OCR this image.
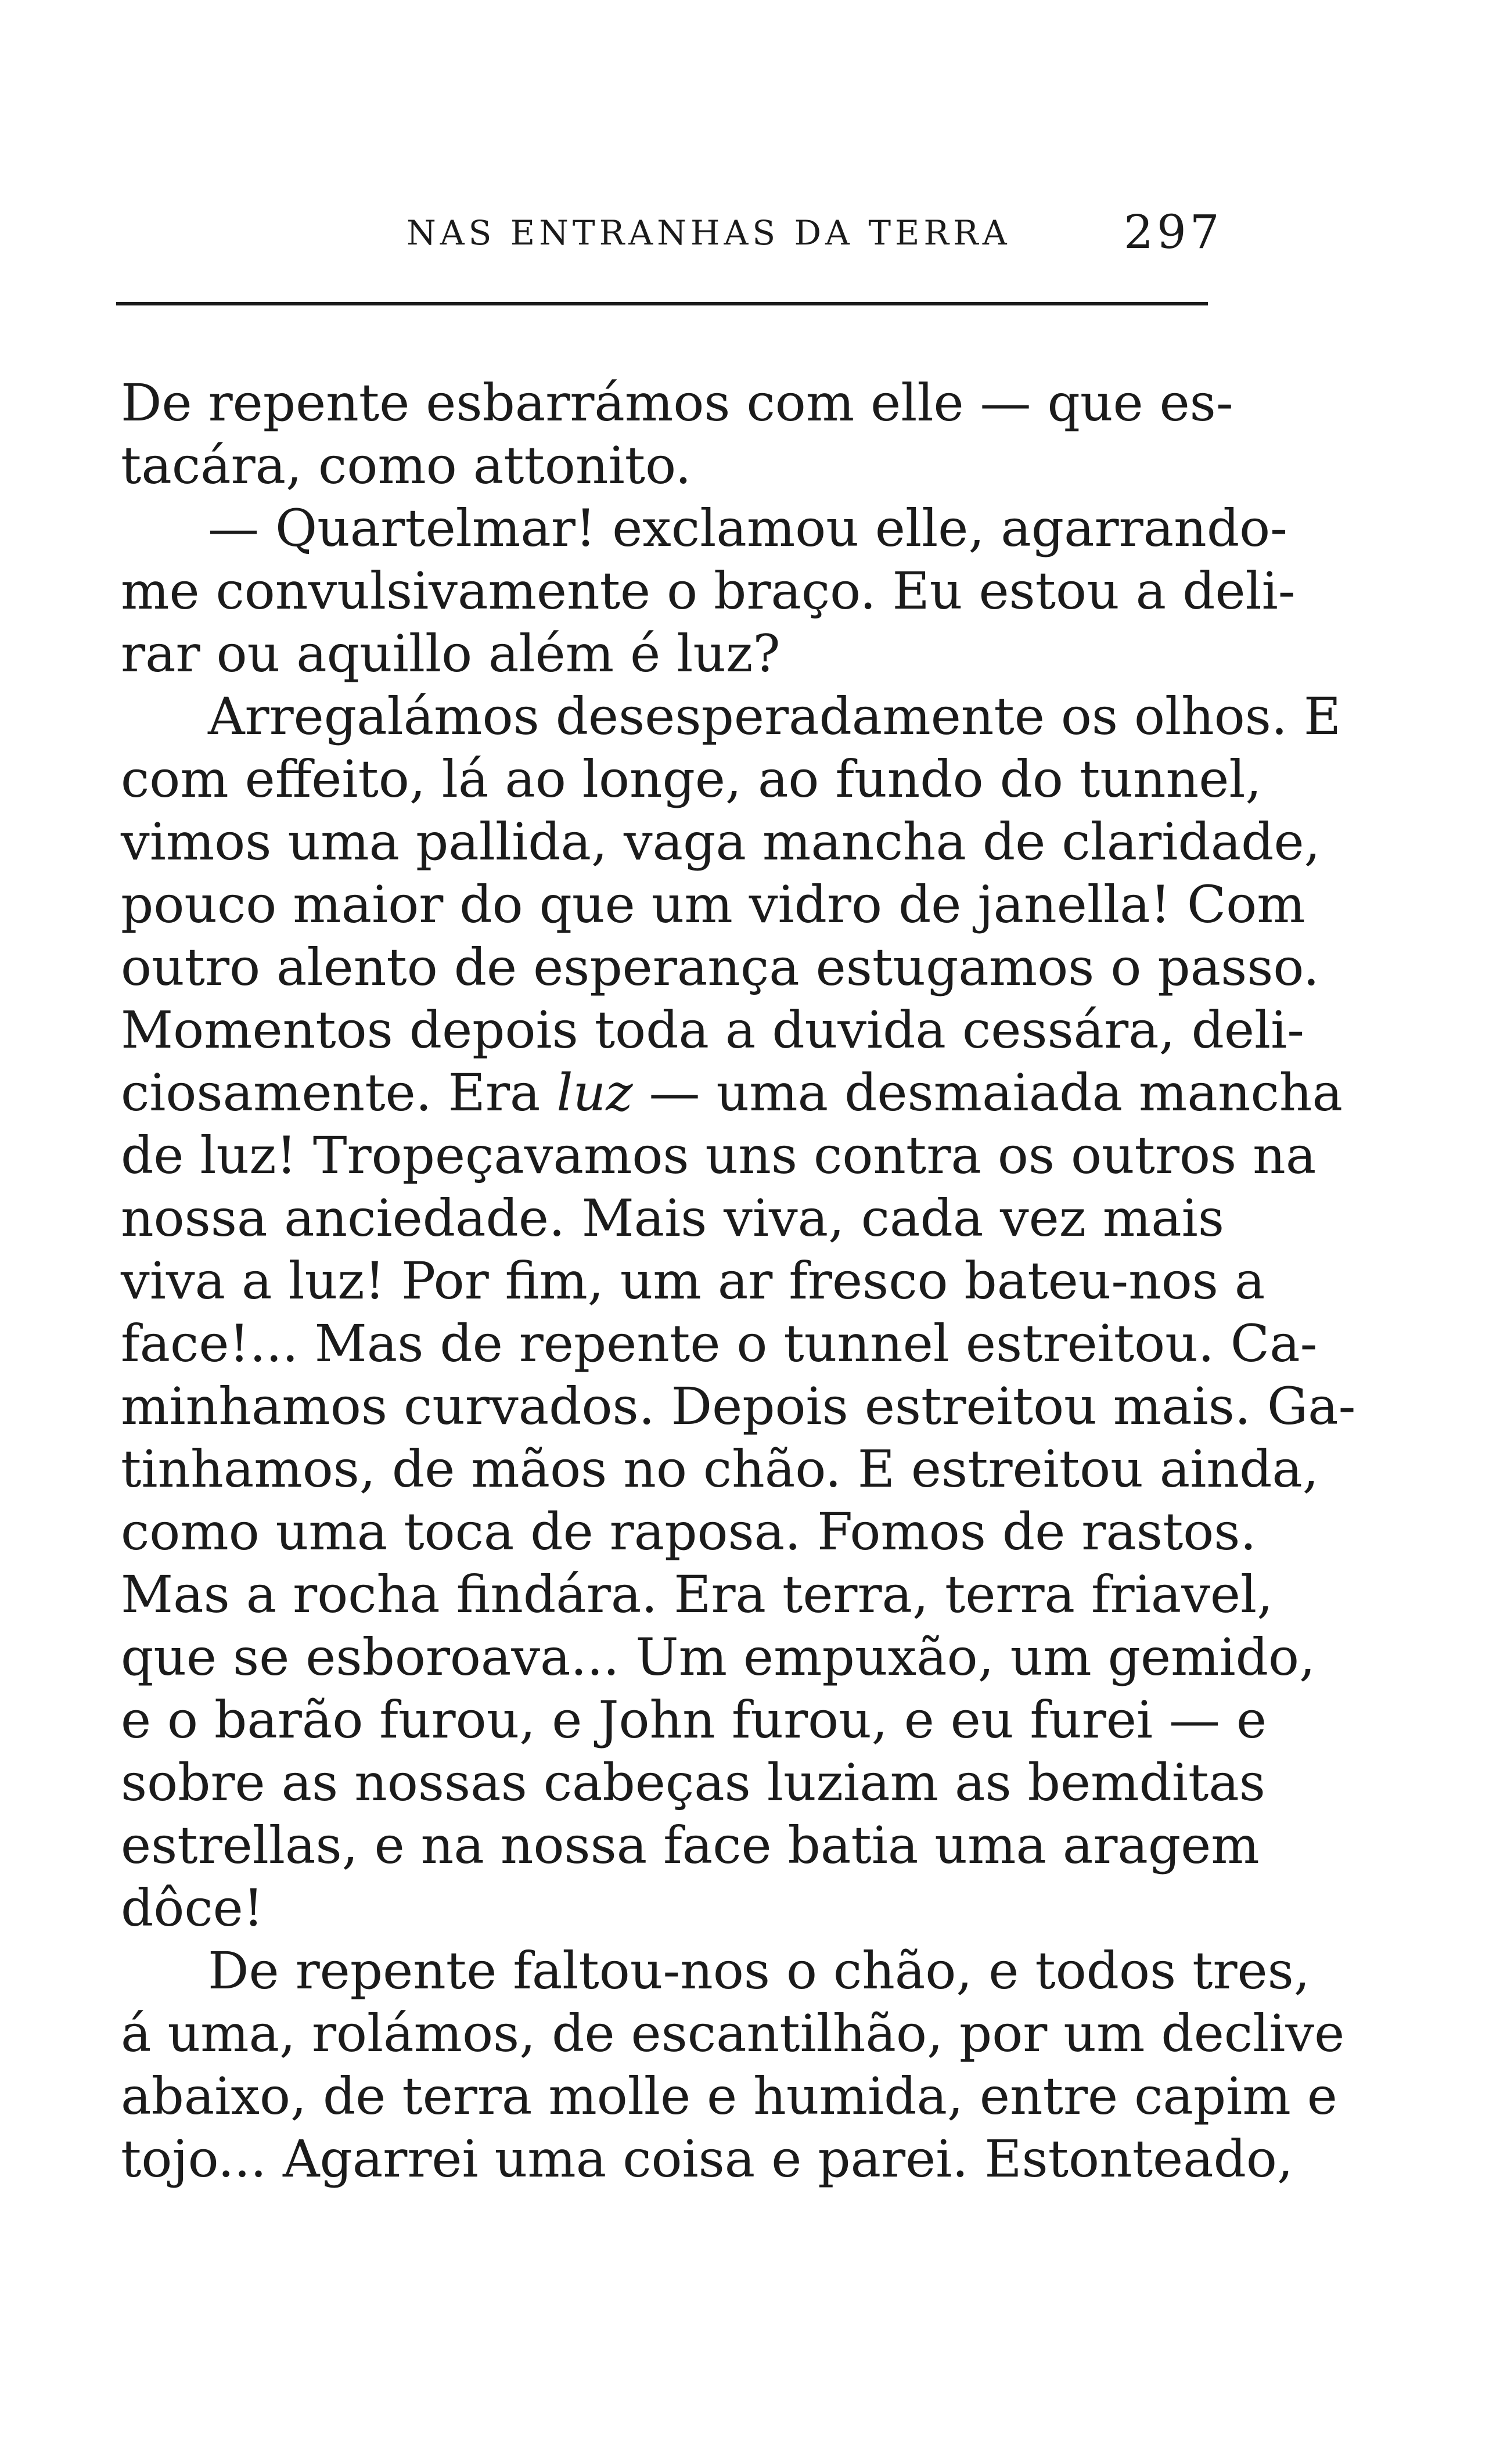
NAS ENTRANHAS DA TERRA 297
De repente esbarrámos com elle — que es-
tacára, como attonito.
— Quartelmar! exclamou elle, agarrando-
me convulsivamente o braço. Eu estou a deli-
rar ou aquillo além é luz?
Arregalámos desesperadamente os olhos. E
com effeito, lá ao longe, ao fundo do tunnel,
vimos uma pallida, vaga mancha de claridade,
pouco maior do que um vidro de janella! Com
outro alento de esperança estugamos o passo.
Momentos depois toda a duvida cessára, deli-
ciosamente. Era luz — uma desmaiada mancha
de luz! Tropeçavamos uns contra os outros na
nossa anciedade. Mais viva, cada vez mais
viva a luz! Por fim, um ar fresco bateu-nos a
face!... Mas de repente o tunnel estreitou. Ca-
minhamos curvados. Depois estreitou mais. Ga-
tinhamos, de mãos no chão. E estreitou ainda,
como uma toca de raposa. Fomos de rastos.
Mas a rocha findára. Era terra, terra friavel,
que se esboroava... Um empuxão, um gemido,
e o barão furou, e John furou, e eu furei — e
sobre as nossas cabeças luziam as bemditas
estrellas, e na nossa face batia uma aragem
dôce!
De repente faltou-nos o chão, e todos tres,
á uma, rolámos, de escantilhão, por um declive
abaixo, de terra molle e humida, entre capim e
tojo... Agarrei uma coisa e parei. Estonteado,
